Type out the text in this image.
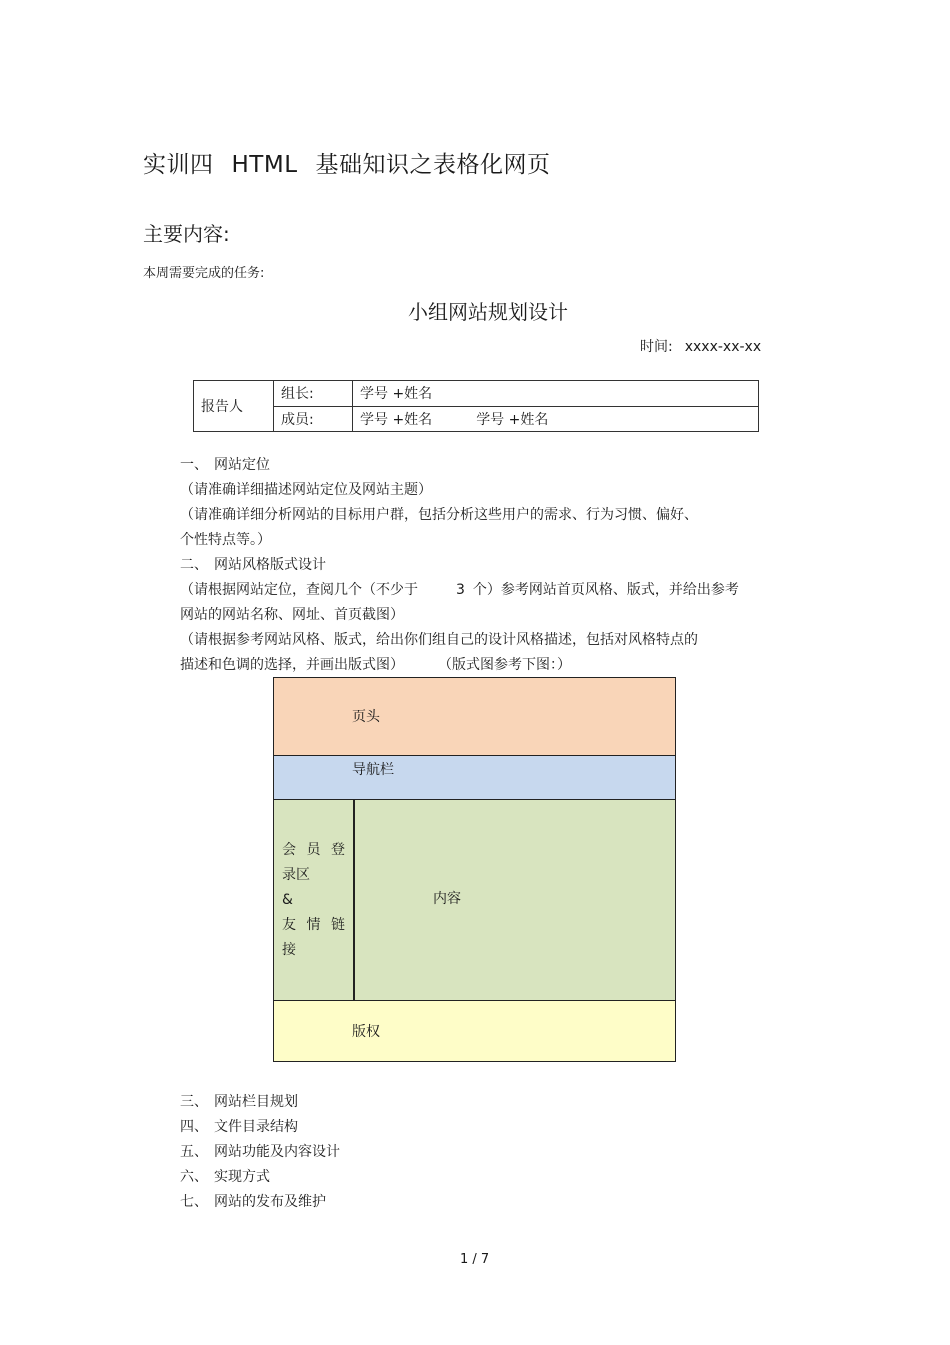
实训四 HTML 基础知识之表格化网页
主要内容:
本周需要完成的任务:
小组网站规划设计
时间: xxxx-xx-xx
报告人	组长:	学号 +姓名
	成员:	学号 +姓名 学号 +姓名
一、 网站定位
（请准确详细描述网站定位及网站主题）
（请准确详细分析网站的目标用户群，包括分析这些用户的需求、行为习惯、偏好、
个性特点等。）
二、 网站风格版式设计
（请根据网站定位，查阅几个（不少于	3 个）参考网站首页风格、版式，并给出参考
网站的网站名称、网址、首页截图）
（请根据参考网站风格、版式，给出你们组自己的设计风格描述，包括对风格特点的
描述和色调的选择，并画出版式图） （版式图参考下图：）
页头
导航栏
会 员 登
录区
&
友 情 链
接
内容
版权
三、 网站栏目规划
四、 文件目录结构
五、 网站功能及内容设计
六、 实现方式
七、 网站的发布及维护
1 / 7
